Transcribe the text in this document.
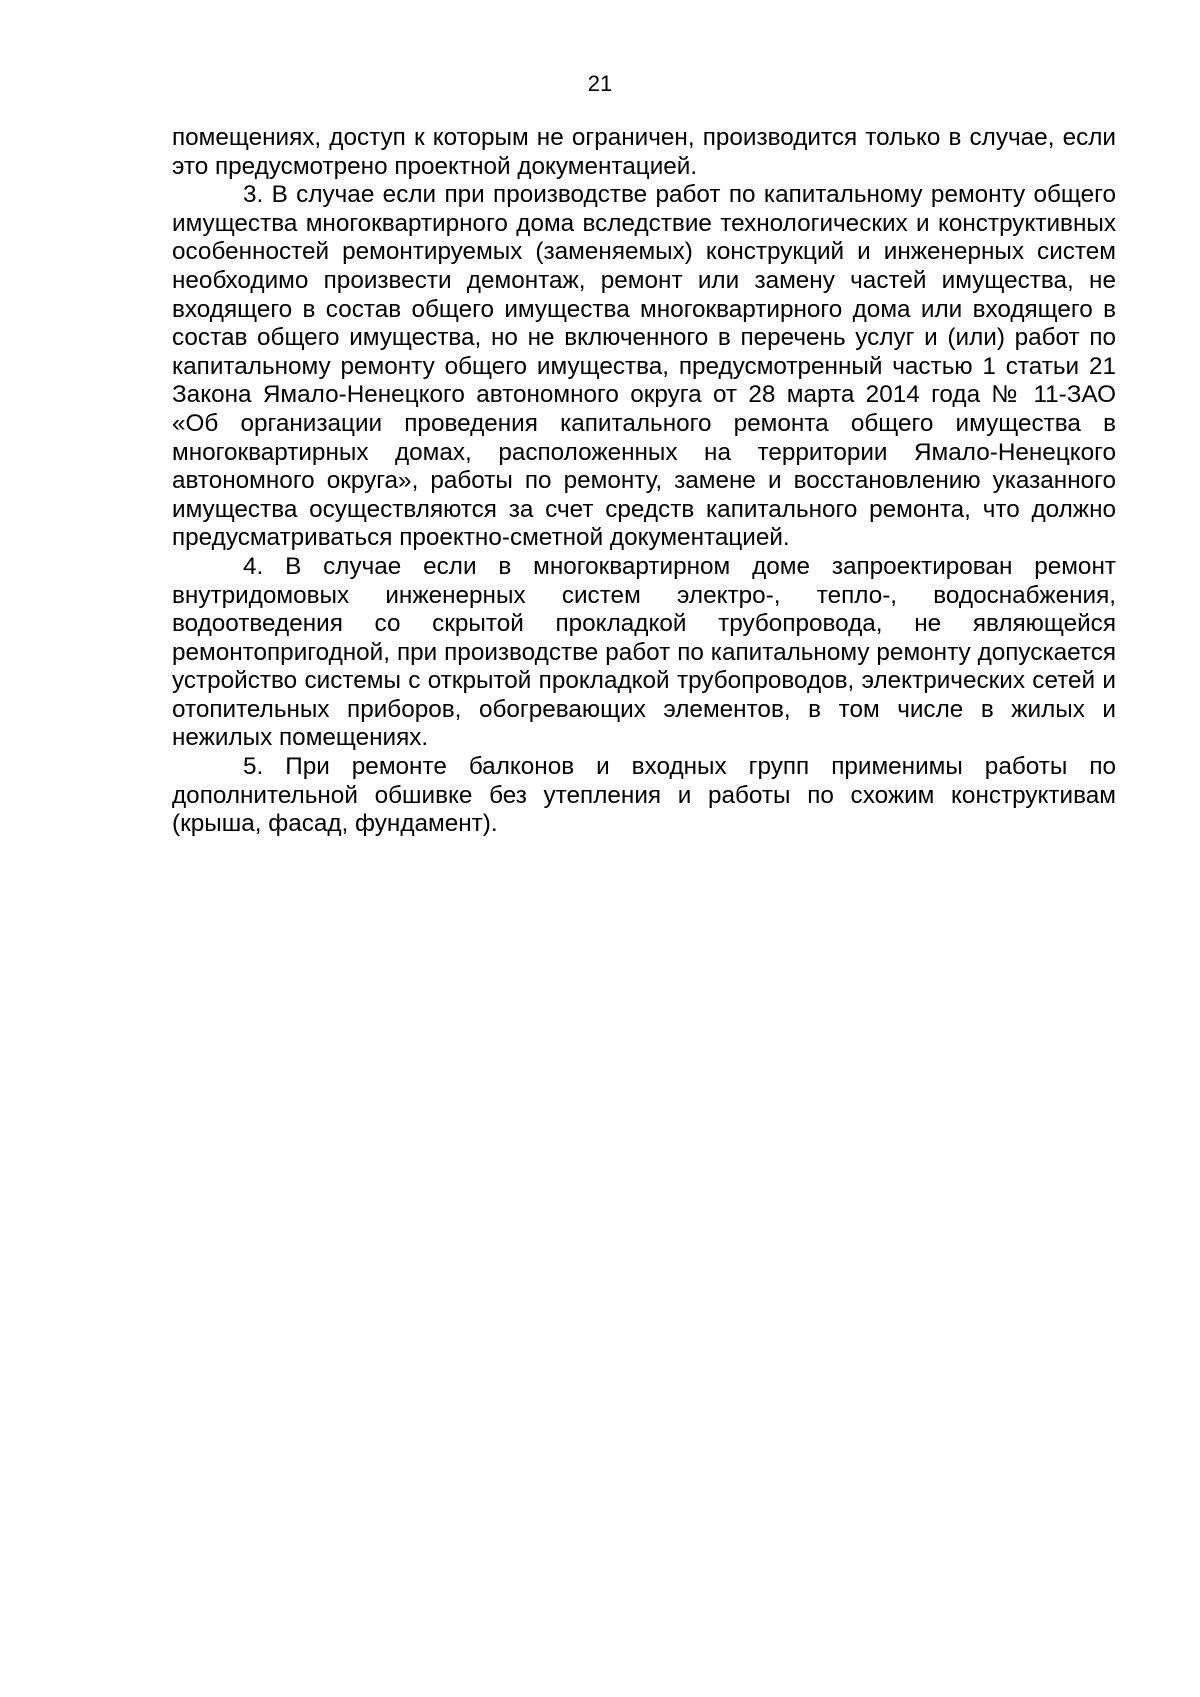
21

помещениях, доступ к которым не ограничен, производится только в случае, если это предусмотрено проектной документацией.

3. В случае если при производстве работ по капитальному ремонту общего имущества многоквартирного дома вследствие технологических и конструктивных особенностей ремонтируемых (заменяемых) конструкций и инженерных систем необходимо произвести демонтаж, ремонт или замену частей имущества, не входящего в состав общего имущества многоквартирного дома или входящего в состав общего имущества, но не включенного в перечень услуг и (или) работ по капитальному ремонту общего имущества, предусмотренный частью 1 статьи 21 Закона Ямало-Ненецкого автономного округа от 28 марта 2014 года № 11-ЗАО «Об организации проведения капитального ремонта общего имущества в многоквартирных домах, расположенных на территории Ямало-Ненецкого автономного округа», работы по ремонту, замене и восстановлению указанного имущества осуществляются за счет средств капитального ремонта, что должно предусматриваться проектно-сметной документацией.

4. В случае если в многоквартирном доме запроектирован ремонт внутридомовых инженерных систем электро-, тепло-, водоснабжения, водоотведения со скрытой прокладкой трубопровода, не являющейся ремонтопригодной, при производстве работ по капитальному ремонту допускается устройство системы с открытой прокладкой трубопроводов, электрических сетей и отопительных приборов, обогревающих элементов, в том числе в жилых и нежилых помещениях.

5. При ремонте балконов и входных групп применимы работы по дополнительной обшивке без утепления и работы по схожим конструктивам (крыша, фасад, фундамент).
